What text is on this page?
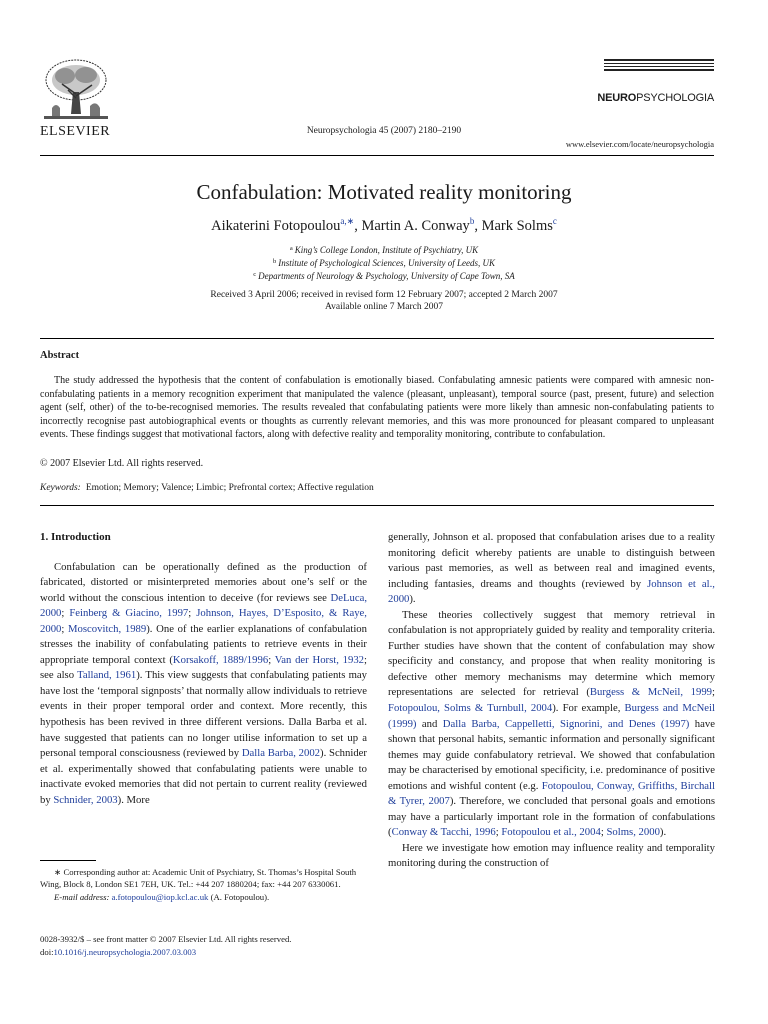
ELSEVIER	Neuropsychologia 45 (2007) 2180–2190
NEUROPSYCHOLOGIA
www.elsevier.com/locate/neuropsychologia
Confabulation: Motivated reality monitoring
Aikaterini Fotopoulou$^{a,∗}$, Martin A. Conway$^b$, Mark Solms$^c$
$^a$ King’s College London, Institute of Psychiatry, UK
$^b$ Institute of Psychological Sciences, University of Leeds, UK
$^c$ Departments of Neurology & Psychology, University of Cape Town, SA
Received 3 April 2006; received in revised form 12 February 2007; accepted 2 March 2007
Available online 7 March 2007
Abstract
The study addressed the hypothesis that the content of confabulation is emotionally biased. Confabulating amnesic patients were compared with amnesic non-confabulating patients in a memory recognition experiment that manipulated the valence (pleasant, unpleasant), temporal source (past, present, future) and selection agent (self, other) of the to-be-recognised memories. The results revealed that confabulating patients were more likely than amnesic non-confabulating patients to incorrectly recognise past autobiographical events or thoughts as currently relevant memories, and this was more pronounced for pleasant compared to unpleasant events. These findings suggest that motivational factors, along with defective reality and temporality monitoring, contribute to confabulation.
© 2007 Elsevier Ltd. All rights reserved.
Keywords: Emotion; Memory; Valence; Limbic; Prefrontal cortex; Affective regulation
1. Introduction

Confabulation can be operationally defined as the production of fabricated, distorted or misinterpreted memories about one’s self or the world without the conscious intention to deceive (for reviews see DeLuca, 2000; Feinberg & Giacino, 1997; Johnson, Hayes, D’Esposito, & Raye, 2000; Moscovitch, 1989). One of the earlier explanations of confabulation stresses the inability of confabulating patients to retrieve events in their appropriate temporal context (Korsakoff, 1889/1996; Van der Horst, 1932; see also Talland, 1961). This view suggests that confabulating patients may have lost the ‘temporal signposts’ that normally allow individuals to retrieve events in their proper temporal order and context. More recently, this hypothesis has been revived in three different versions. Dalla Barba et al. have suggested that patients can no longer utilise information to set up a personal temporal consciousness (reviewed by Dalla Barba, 2002). Schnider et al. experimentally showed that confabulating patients were unable to inactivate evoked memories that did not pertain to current reality (reviewed by Schnider, 2003). More

generally, Johnson et al. proposed that confabulation arises due to a reality monitoring deficit whereby patients are unable to distinguish between various past memories, as well as between real and imagined events, including fantasies, dreams and thoughts (reviewed by Johnson et al., 2000).

These theories collectively suggest that memory retrieval in confabulation is not appropriately guided by reality and temporality criteria. Further studies have shown that the content of confabulation may show specificity and constancy, and propose that when reality monitoring is defective other memory mechanisms may determine which memory representations are selected for retrieval (Burgess & McNeil, 1999; Fotopoulou, Solms & Turnbull, 2004). For example, Burgess and McNeil (1999) and Dalla Barba, Cappelletti, Signorini, and Denes (1997) have shown that personal habits, semantic information and personally significant themes may guide confabulatory retrieval. We showed that confabulation may be characterised by emotional specificity, i.e. predominance of positive emotions and wishful content (e.g. Fotopoulou, Conway, Griffiths, Birchall & Tyrer, 2007). Therefore, we concluded that personal goals and emotions may have a particularly important role in the formation of confabulations (Conway & Tacchi, 1996; Fotopoulou et al., 2004; Solms, 2000).

Here we investigate how emotion may influence reality and temporality monitoring during the construction of

∗ Corresponding author at: Academic Unit of Psychiatry, St. Thomas’s Hospital South Wing, Block 8, London SE1 7EH, UK. Tel.: +44 207 1880204; fax: +44 207 6330061.

E-mail address: a.fotopoulou@iop.kcl.ac.uk (A. Fotopoulou).
0028-3932/$ – see front matter © 2007 Elsevier Ltd. All rights reserved.
doi:10.1016/j.neuropsychologia.2007.03.003
